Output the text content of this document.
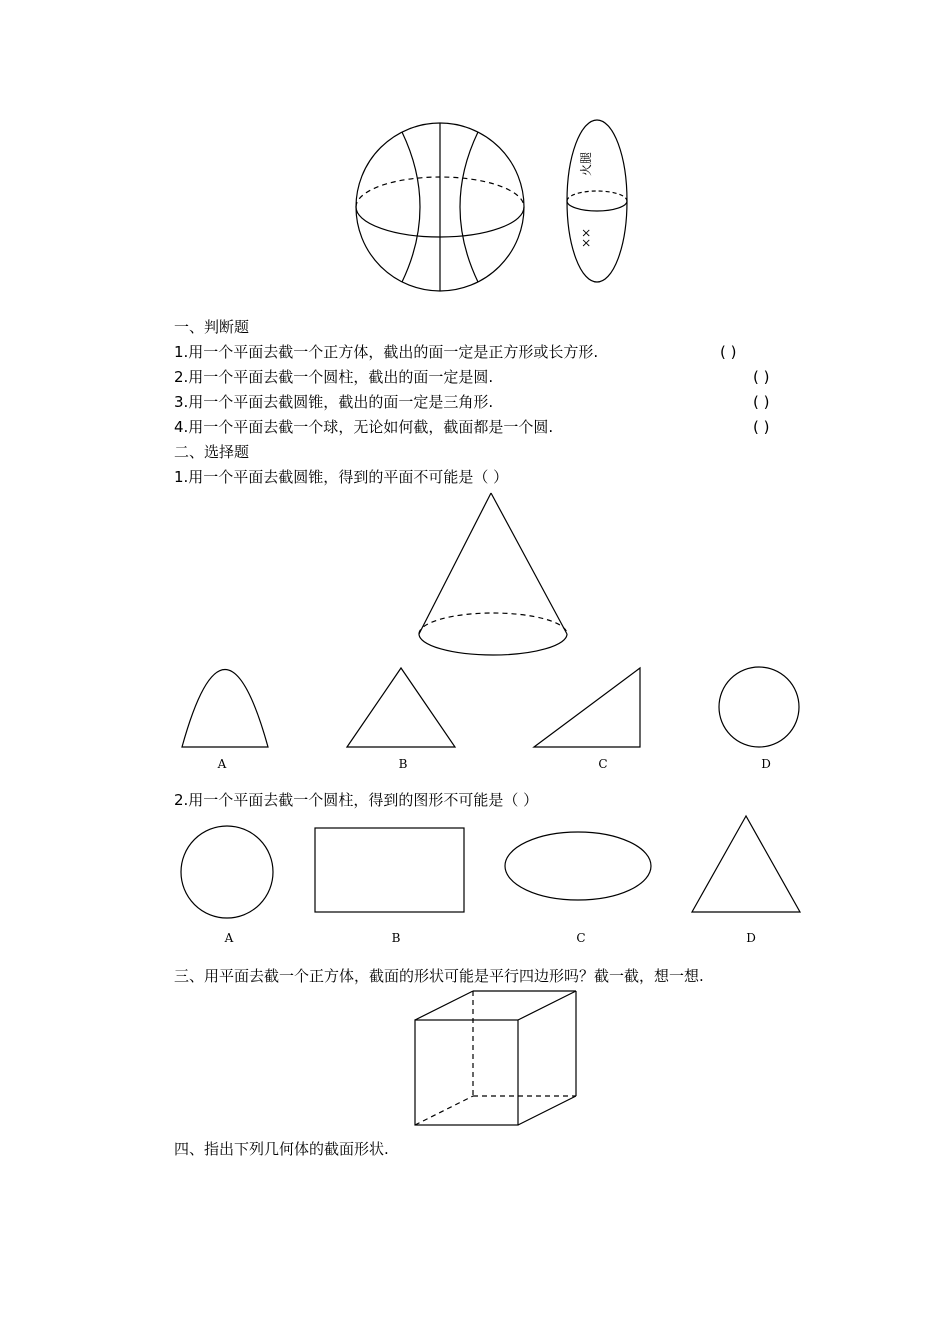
火腿
××
A	B	C	D
A	B	C	D
一、判断题
1.用一个平面去截一个正方体，截出的面一定是正方形或长方形.	( )
2.用一个平面去截一个圆柱，截出的面一定是圆.	( )
3.用一个平面去截圆锥，截出的面一定是三角形.	( )
4.用一个平面去截一个球，无论如何截，截面都是一个圆.	( )
二、选择题
1.用一个平面去截圆锥，得到的平面不可能是（ ）
2.用一个平面去截一个圆柱，得到的图形不可能是（ ）
三、用平面去截一个正方体，截面的形状可能是平行四边形吗？截一截，想一想.
四、指出下列几何体的截面形状.
